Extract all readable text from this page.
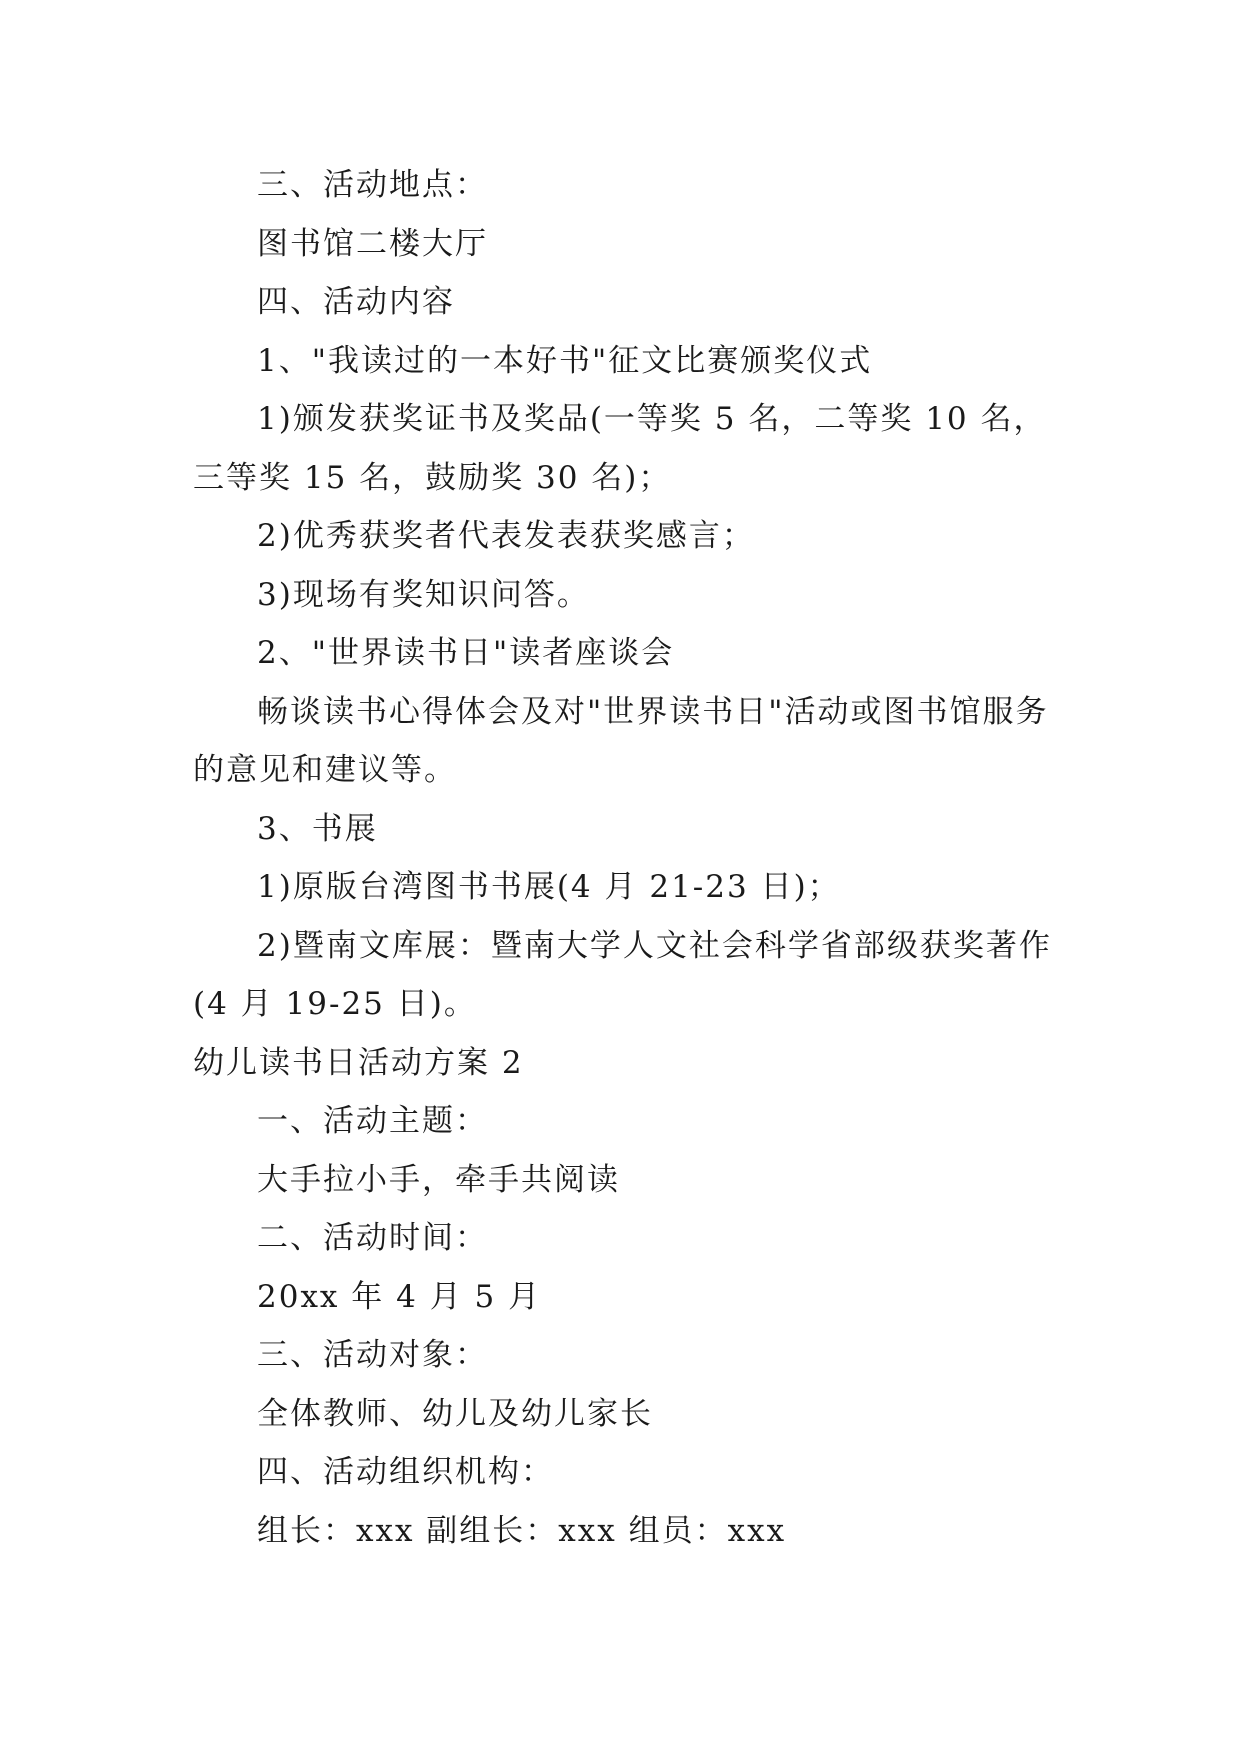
三、活动地点：

图书馆二楼大厅

四、活动内容

1、"我读过的一本好书"征文比赛颁奖仪式

1)颁发获奖证书及奖品(一等奖 5 名，二等奖 10 名，三等奖 15 名，鼓励奖 30 名)；

2)优秀获奖者代表发表获奖感言；

3)现场有奖知识问答。

2、"世界读书日"读者座谈会

畅谈读书心得体会及对"世界读书日"活动或图书馆服务的意见和建议等。

3、书展

1)原版台湾图书书展(4 月 21-23 日)；

2)暨南文库展：暨南大学人文社会科学省部级获奖著作(4 月 19-25 日)。

幼儿读书日活动方案 2

一、活动主题：

大手拉小手，牵手共阅读

二、活动时间：

20xx 年 4 月 5 月

三、活动对象：

全体教师、幼儿及幼儿家长

四、活动组织机构：

组长：xxx 副组长：xxx 组员：xxx
